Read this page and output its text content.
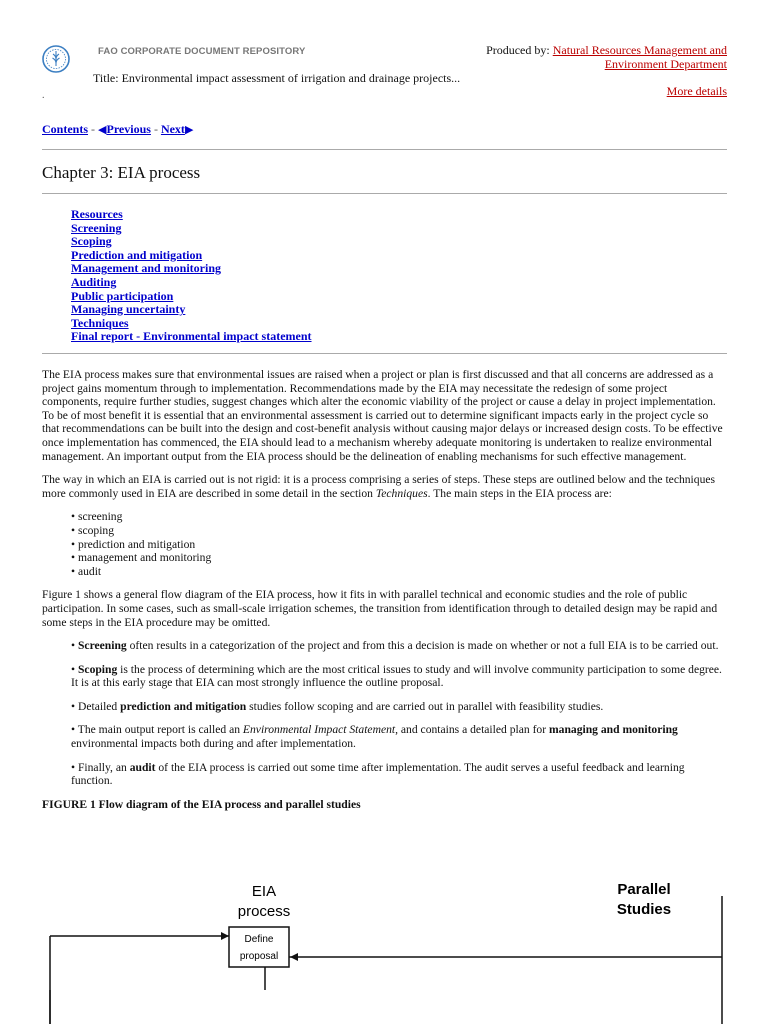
FAO CORPORATE DOCUMENT REPOSITORY
Title: Environmental impact assessment of irrigation and drainage projects...
Produced by: Natural Resources Management and
Environment Department
More details
.
Contents - ◀Previous - Next▶
Chapter 3: EIA process
Resources
Screening
Scoping
Prediction and mitigation
Management and monitoring
Auditing
Public participation
Managing uncertainty
Techniques
Final report - Environmental impact statement

The EIA process makes sure that environmental issues are raised when a project or plan is first discussed and that all concerns are addressed as a project gains momentum through to implementation. Recommendations made by the EIA may necessitate the redesign of some project components, require further studies, suggest changes which alter the economic viability of the project or cause a delay in project implementation. To be of most benefit it is essential that an environmental assessment is carried out to determine significant impacts early in the project cycle so that recommendations can be built into the design and cost-benefit analysis without causing major delays or increased design costs. To be effective once implementation has commenced, the EIA should lead to a mechanism whereby adequate monitoring is undertaken to realize environmental management. An important output from the EIA process should be the delineation of enabling mechanisms for such effective management.

The way in which an EIA is carried out is not rigid: it is a process comprising a series of steps. These steps are outlined below and the techniques more commonly used in EIA are described in some detail in the section Techniques. The main steps in the EIA process are:

• screening
• scoping
• prediction and mitigation
• management and monitoring
• audit

Figure 1 shows a general flow diagram of the EIA process, how it fits in with parallel technical and economic studies and the role of public participation. In some cases, such as small-scale irrigation schemes, the transition from identification through to detailed design may be rapid and some steps in the EIA procedure may be omitted.

• Screening often results in a categorization of the project and from this a decision is made on whether or not a full EIA is to be carried out.

• Scoping is the process of determining which are the most critical issues to study and will involve community participation to some degree. It is at this early stage that EIA can most strongly influence the outline proposal.

• Detailed prediction and mitigation studies follow scoping and are carried out in parallel with feasibility studies.

• The main output report is called an Environmental Impact Statement, and contains a detailed plan for managing and monitoring environmental impacts both during and after implementation.

• Finally, an audit of the EIA process is carried out some time after implementation. The audit serves a useful feedback and learning function.

FIGURE 1 Flow diagram of the EIA process and parallel studies

EIA
process
Parallel
Studies
Define
proposal
